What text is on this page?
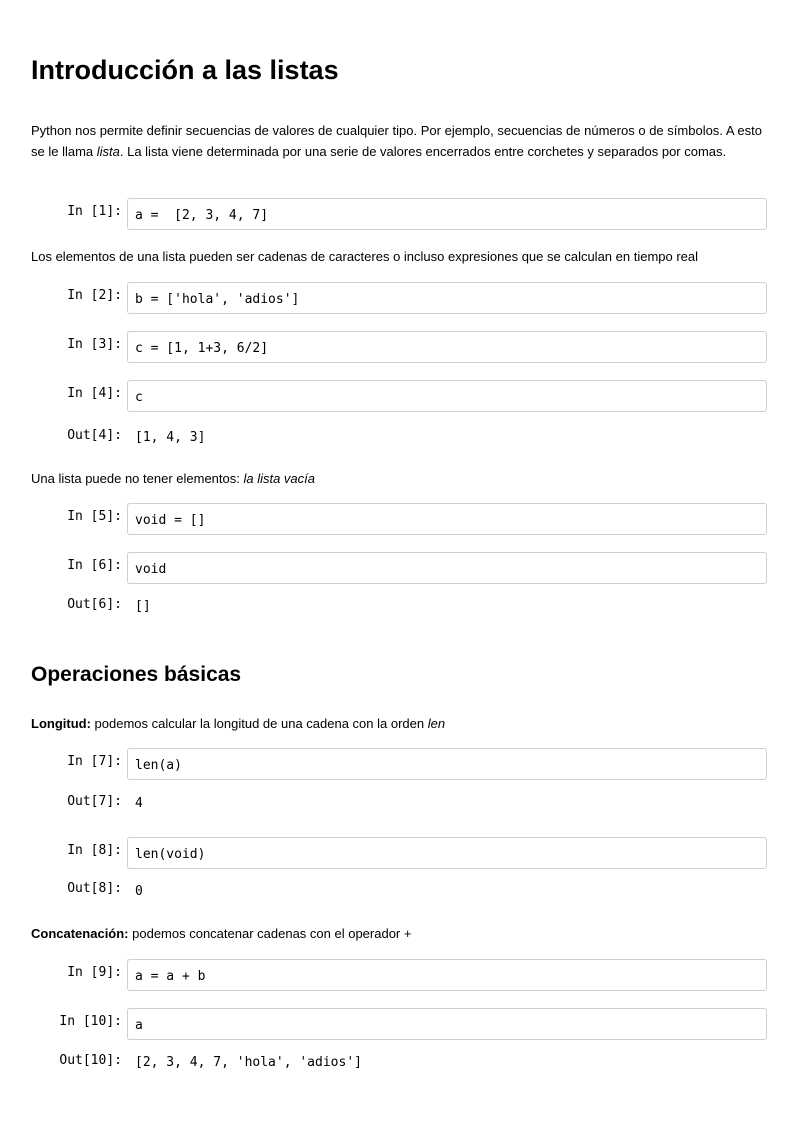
Introducción a las listas
Python nos permite definir secuencias de valores de cualquier tipo. Por ejemplo, secuencias de números o de símbolos. A esto se le llama lista. La lista viene determinada por una serie de valores encerrados entre corchetes y separados por comas.
In [1]: a =  [2, 3, 4, 7]
Los elementos de una lista pueden ser cadenas de caracteres o incluso expresiones que se calculan en tiempo real
In [2]: b = ['hola', 'adios']
In [3]: c = [1, 1+3, 6/2]
In [4]: c
Out[4]: [1, 4, 3]
Una lista puede no tener elementos: la lista vacía
In [5]: void = []
In [6]: void
Out[6]: []
Operaciones básicas
Longitud: podemos calcular la longitud de una cadena con la orden len
In [7]: len(a)
Out[7]: 4
In [8]: len(void)
Out[8]: 0
Concatenación: podemos concatenar cadenas con el operador +
In [9]: a = a + b
In [10]: a
Out[10]: [2, 3, 4, 7, 'hola', 'adios']
